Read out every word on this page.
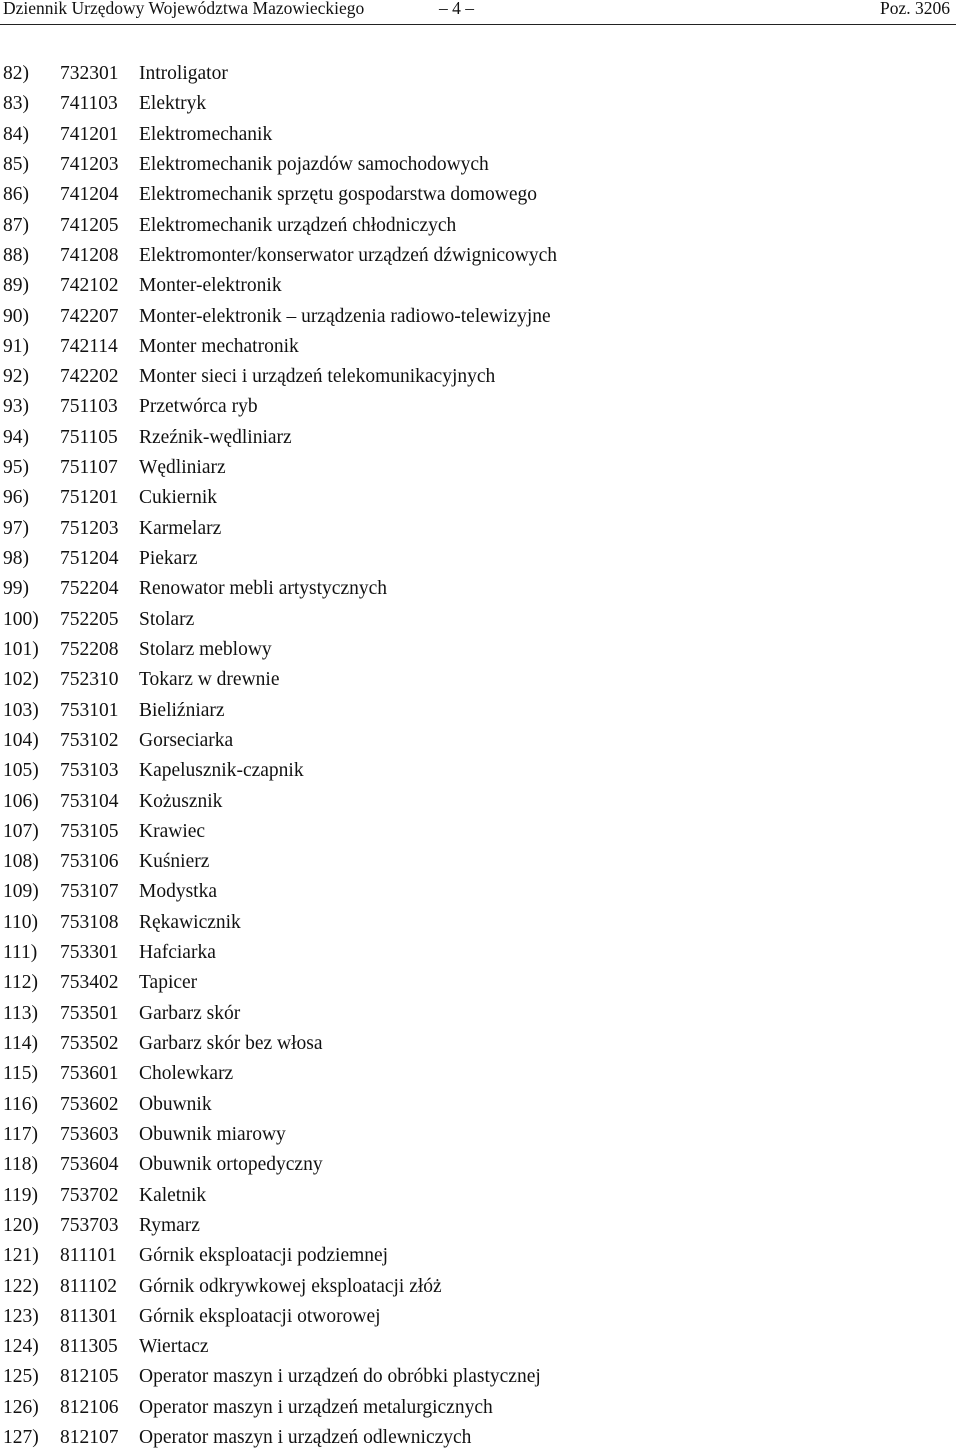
Dziennik Urzędowy Województwa Mazowieckiego	– 4 –	Poz. 3206
82) 732301 Introligator
83) 741103 Elektryk
84) 741201 Elektromechanik
85) 741203 Elektromechanik pojazdów samochodowych
86) 741204 Elektromechanik sprzętu gospodarstwa domowego
87) 741205 Elektromechanik urządzeń chłodniczych
88) 741208 Elektromonter/konserwator urządzeń dźwignicowych
89) 742102 Monter-elektronik
90) 742207 Monter-elektronik – urządzenia radiowo-telewizyjne
91) 742114 Monter mechatronik
92) 742202 Monter sieci i urządzeń telekomunikacyjnych
93) 751103 Przetwórca ryb
94) 751105 Rzeźnik-wędliniarz
95) 751107 Wędliniarz
96) 751201 Cukiernik
97) 751203 Karmelarz
98) 751204 Piekarz
99) 752204 Renowator mebli artystycznych
100) 752205 Stolarz
101) 752208 Stolarz meblowy
102) 752310 Tokarz w drewnie
103) 753101 Bieliźniarz
104) 753102 Gorseciarka
105) 753103 Kapelusznik-czapnik
106) 753104 Kożusznik
107) 753105 Krawiec
108) 753106 Kuśnierz
109) 753107 Modystka
110) 753108 Rękawicznik
111) 753301 Hafciarka
112) 753402 Tapicer
113) 753501 Garbarz skór
114) 753502 Garbarz skór bez włosa
115) 753601 Cholewkarz
116) 753602 Obuwnik
117) 753603 Obuwnik miarowy
118) 753604 Obuwnik ortopedyczny
119) 753702 Kaletnik
120) 753703 Rymarz
121) 811101 Górnik eksploatacji podziemnej
122) 811102 Górnik odkrywkowej eksploatacji złóż
123) 811301 Górnik eksploatacji otworowej
124) 811305 Wiertacz
125) 812105 Operator maszyn i urządzeń do obróbki plastycznej
126) 812106 Operator maszyn i urządzeń metalurgicznych
127) 812107 Operator maszyn i urządzeń odlewniczych
